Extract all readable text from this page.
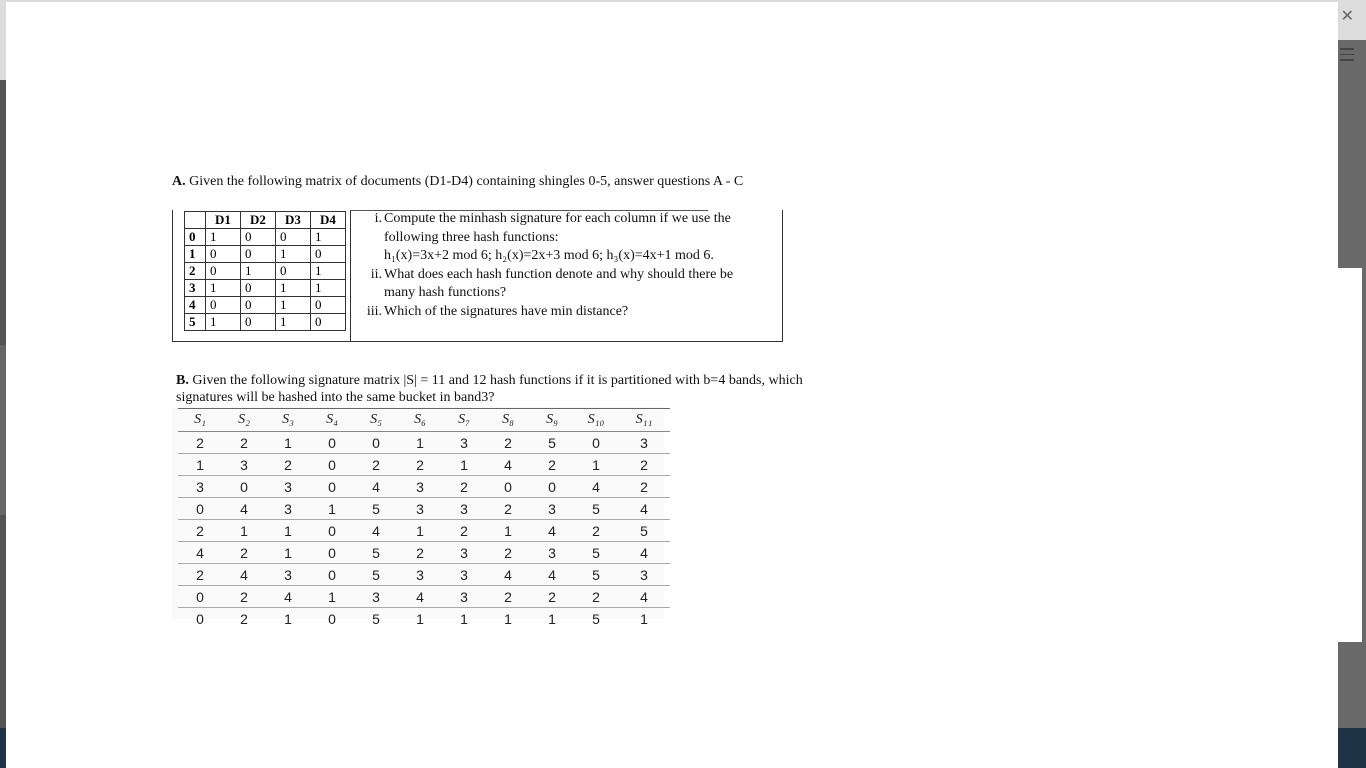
✕
A. Given the following matrix of documents (D1-D4) containing shingles 0-5, answer questions A - C
	D1	D2	D3	D4
0	1	0	0	1
1	0	0	1	0
2	0	1	0	1
3	1	0	1	1
4	0	0	1	0
5	1	0	1	0
i. Compute the minhash signature for each column if we use the
following three hash functions:
h₁(x)=3x+2 mod 6; h₂(x)=2x+3 mod 6; h₃(x)=4x+1 mod 6.
ii. What does each hash function denote and why should there be
many hash functions?
iii. Which of the signatures have min distance?
B. Given the following signature matrix |S| = 11 and 12 hash functions if it is partitioned with b=4 bands, which signatures will be hashed into the same bucket in band3?
S₁	S₂	S₃	S₄	S₅	S₆	S₇	S₈	S₉	S₁₀	S₁₁
2	2	1	0	0	1	3	2	5	0	3
1	3	2	0	2	2	1	4	2	1	2
3	0	3	0	4	3	2	0	0	4	2
0	4	3	1	5	3	3	2	3	5	4
2	1	1	0	4	1	2	1	4	2	5
4	2	1	0	5	2	3	2	3	5	4
2	4	3	0	5	3	3	4	4	5	3
0	2	4	1	3	4	3	2	2	2	4
0	2	1	0	5	1	1	1	1	5	1
